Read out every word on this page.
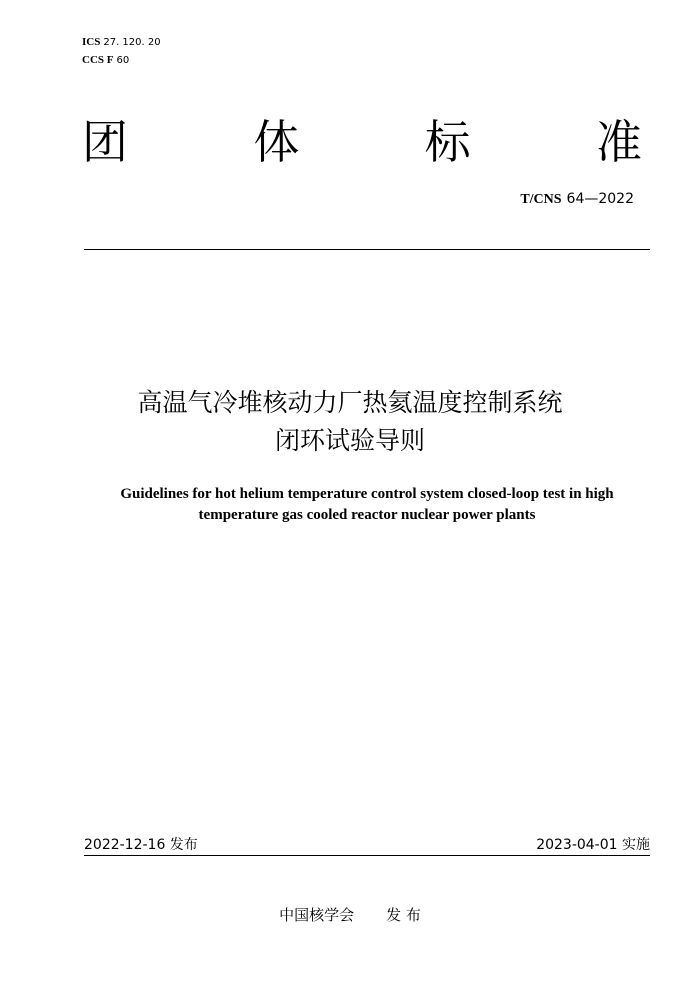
ICS 27. 120. 20
CCS F 60
团	体	标	准
T/CNS 64—2022
高温气冷堆核动力厂热氦温度控制系统
闭环试验导则
Guidelines for hot helium temperature control system closed-loop test in high
temperature gas cooled reactor nuclear power plants
2022-12-16 发布	2023-04-01 实施
中国核学会 发 布
